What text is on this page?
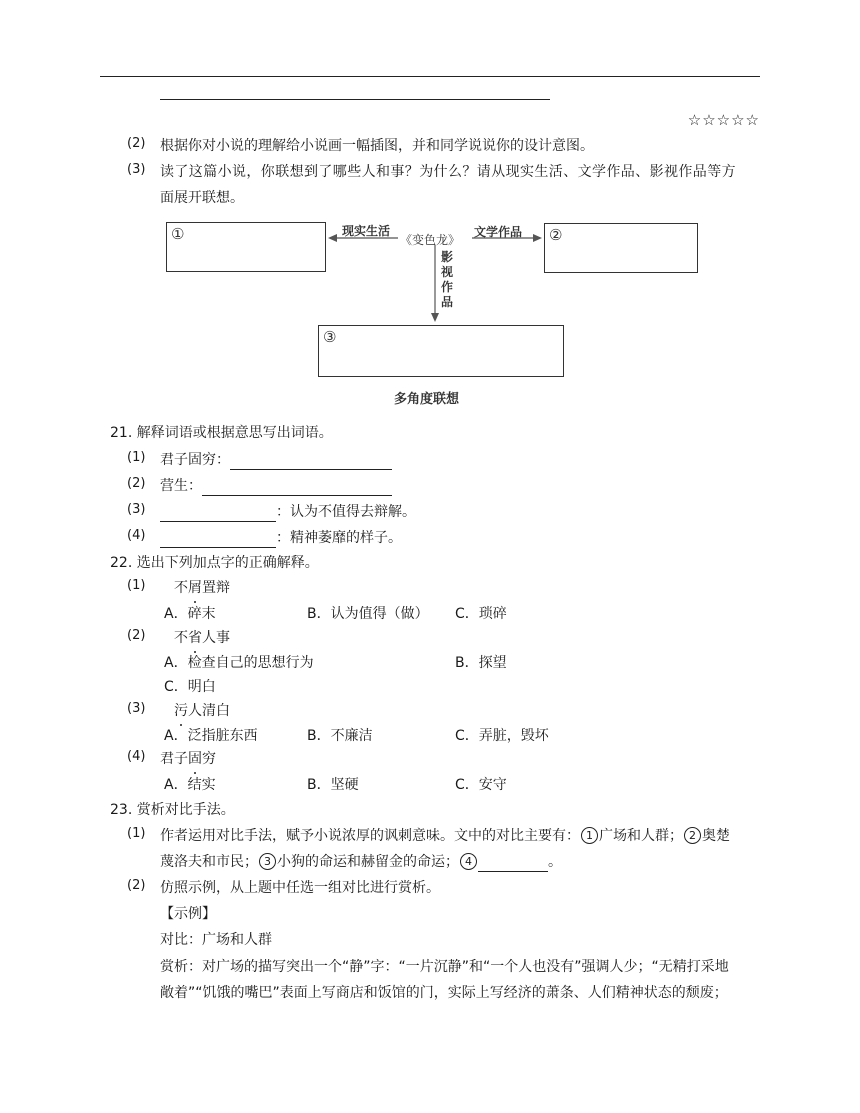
☆☆☆☆☆
(2) 根据你对小说的理解给小说画一幅插图，并和同学说说你的设计意图。
(3) 读了这篇小说，你联想到了哪些人和事？为什么？请从现实生活、文学作品、影视作品等方
面展开联想。
①	②
③
现实生活
《变色龙》
文学作品
影视作品
多角度联想
21. 解释词语或根据意思写出词语。
(1) 君子固穷：
(2) 营生：
(3)	：认为不值得去辩解。
(4)	：精神萎靡的样子。
22. 选出下列加点字的正确解释。
(1) 不屑置辩
A．碎末	B．认为值得（做） C．琐碎
(2) 不省人事
A．检查自己的思想行为	B．探望
C．明白
(3) 污人清白
A．泛指脏东西	B．不廉洁	C．弄脏，毁坏
(4) 君子固穷
A．结实	B．坚硬	C．安守
23. 赏析对比手法。
(1) 作者运用对比手法，赋予小说浓厚的讽刺意味。文中的对比主要有： 1 广场和人群； 2 奥楚
蔑洛夫和市民； 3 小狗的命运和赫留金的命运； 4	。
(2) 仿照示例，从上题中任选一组对比进行赏析。
【示例】
对比：广场和人群
赏析：对广场的描写突出一个“静”字：“一片沉静”和“一个人也没有”强调人少；“无精打采地
敞着”“饥饿的嘴巴”表面上写商店和饭馆的门，实际上写经济的萧条、人们精神状态的颓废；
